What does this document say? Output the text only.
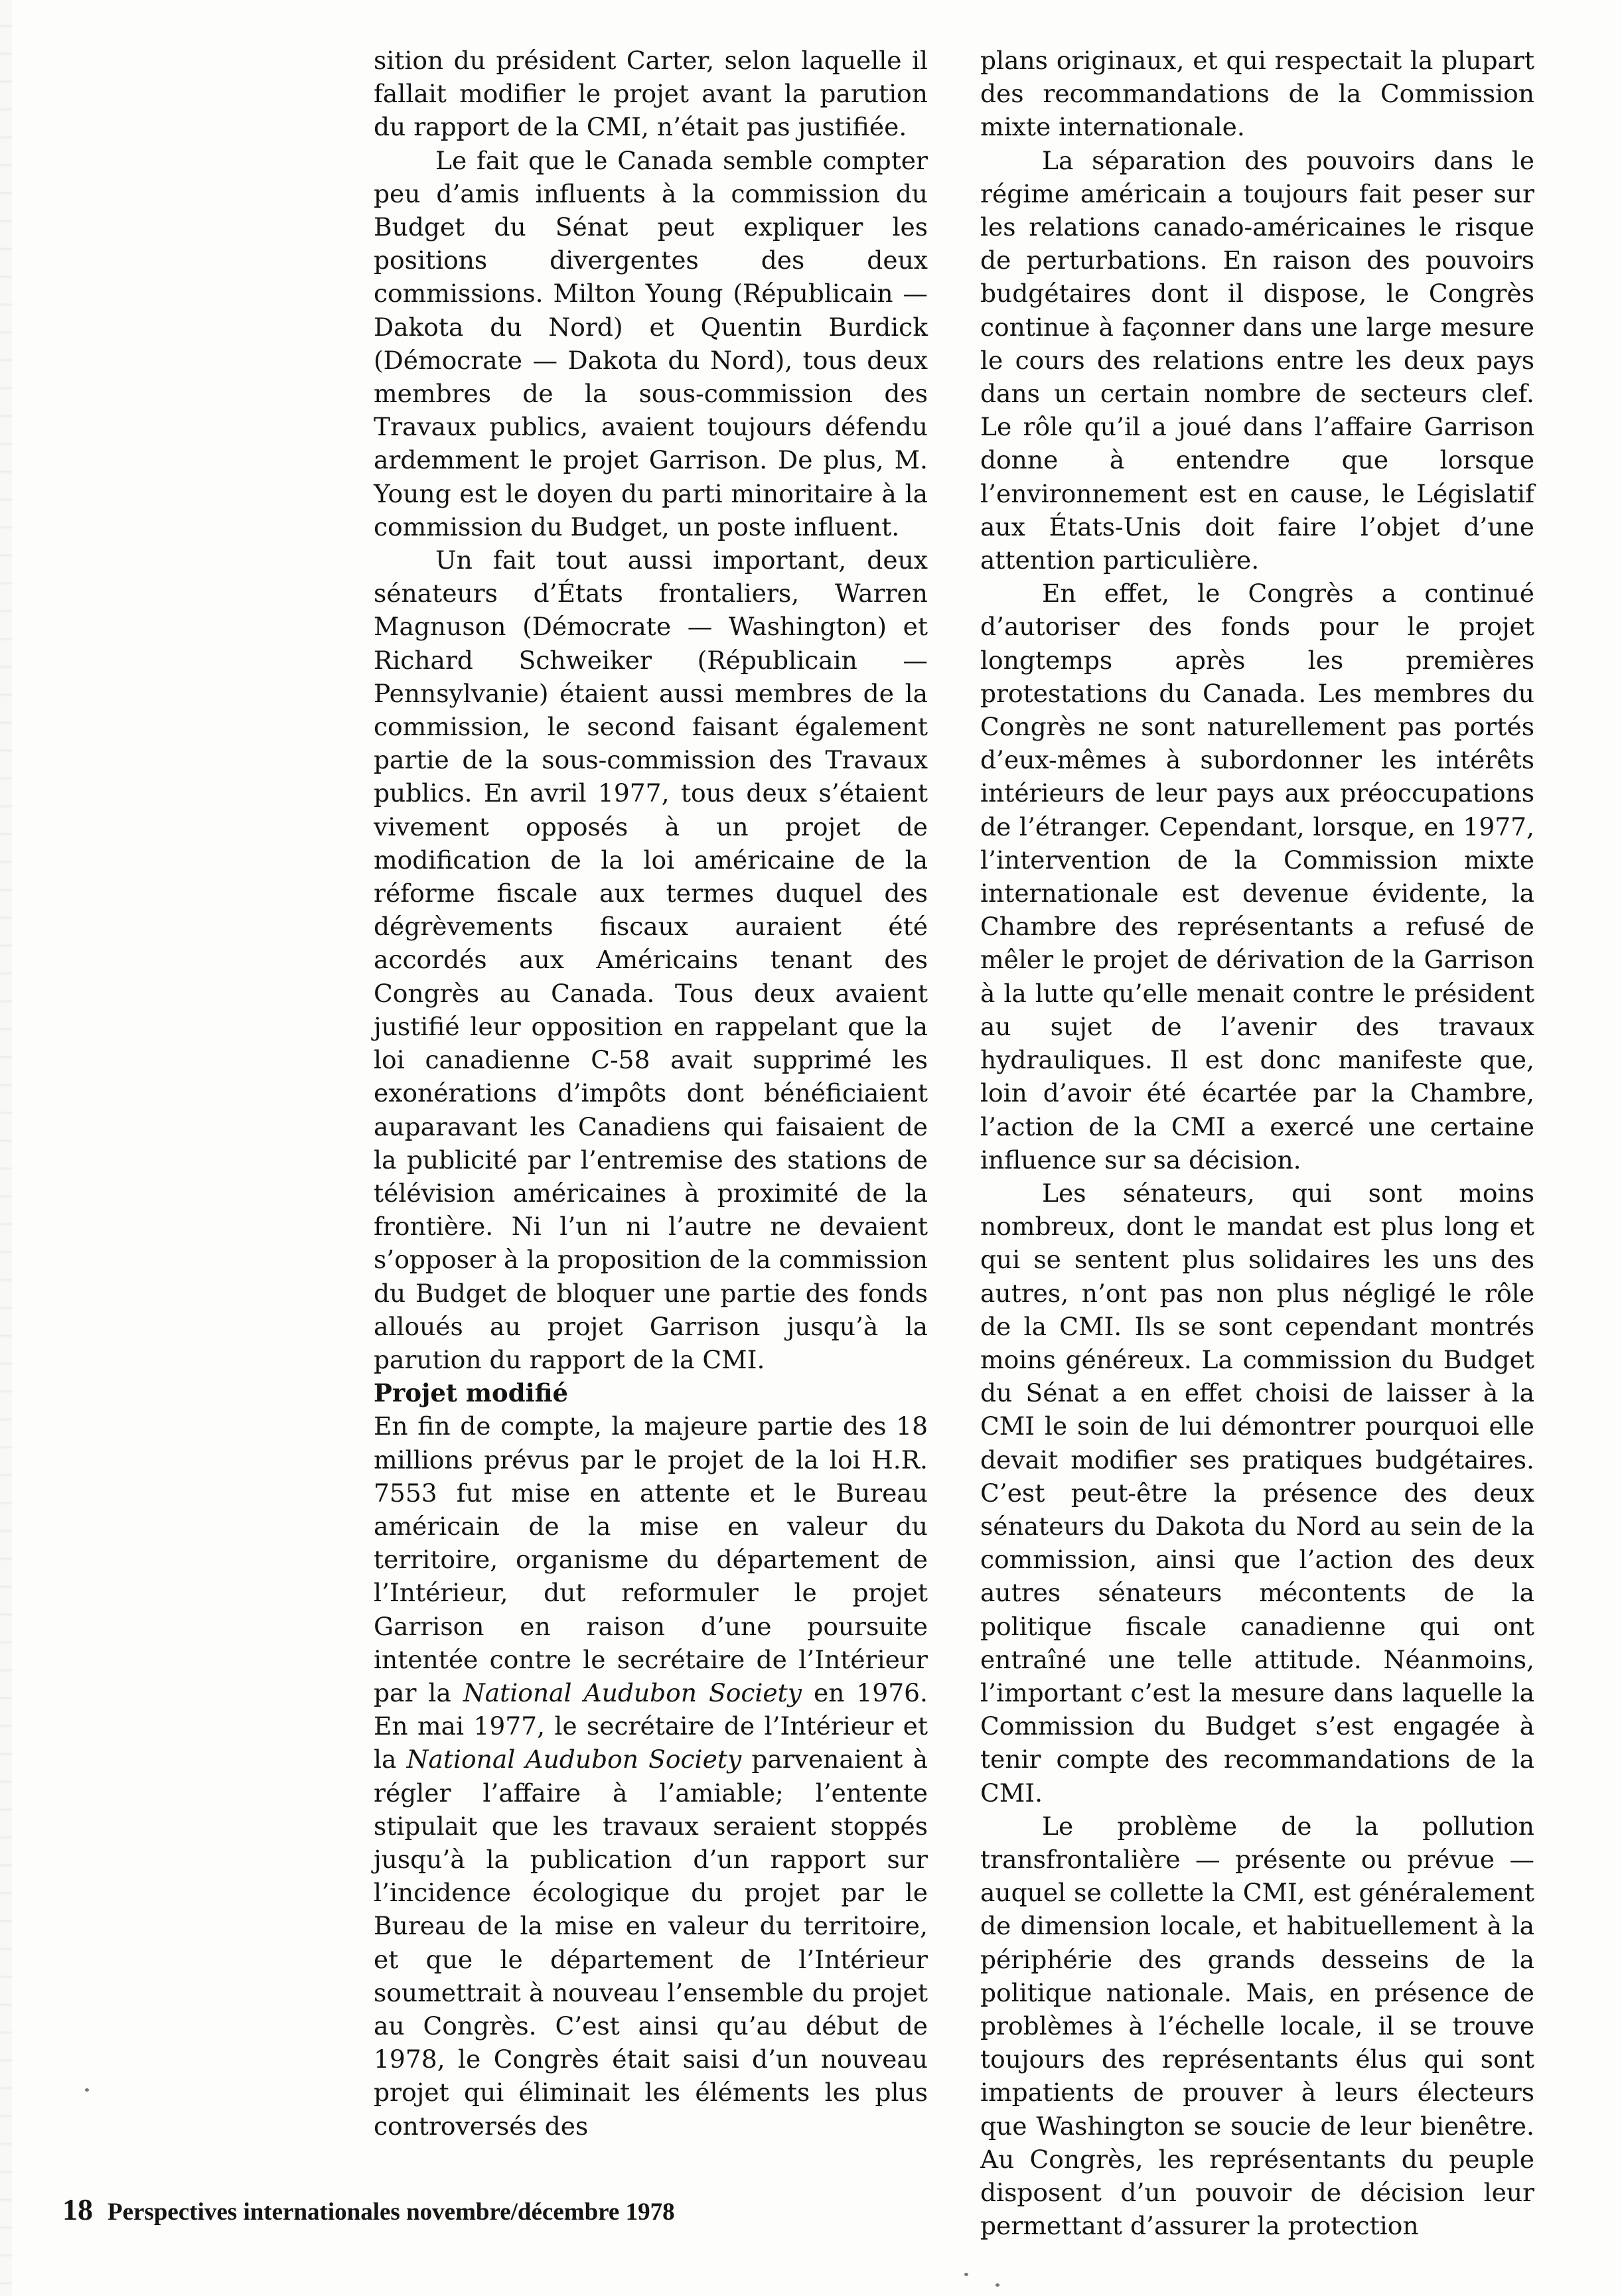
sition du président Carter, selon laquelle il fallait modifier le projet avant la parution du rapport de la CMI, n’était pas justifiée.

Le fait que le Canada semble compter peu d’amis influents à la commission du Budget du Sénat peut expliquer les positions divergentes des deux commissions. Milton Young (Républicain — Dakota du Nord) et Quentin Burdick (Démocrate — Dakota du Nord), tous deux membres de la sous-commission des Travaux publics, avaient toujours défendu ardemment le projet Garrison. De plus, M. Young est le doyen du parti minoritaire à la commission du Budget, un poste influent.

Un fait tout aussi important, deux sénateurs d’États frontaliers, Warren Magnuson (Démocrate — Washington) et Richard Schweiker (Républicain — Pennsylvanie) étaient aussi membres de la commission, le second faisant également partie de la sous-commission des Travaux publics. En avril 1977, tous deux s’étaient vivement opposés à un projet de modification de la loi américaine de la réforme fiscale aux termes duquel des dégrèvements fiscaux auraient été accordés aux Américains tenant des Congrès au Canada. Tous deux avaient justifié leur opposition en rappelant que la loi canadienne C-58 avait supprimé les exonérations d’impôts dont bénéficiaient auparavant les Canadiens qui faisaient de la publicité par l’entremise des stations de télévision américaines à proximité de la frontière. Ni l’un ni l’autre ne devaient s’opposer à la proposition de la commission du Budget de bloquer une partie des fonds alloués au projet Garrison jusqu’à la parution du rapport de la CMI.

Projet modifié

En fin de compte, la majeure partie des 18 millions prévus par le projet de la loi H.R. 7553 fut mise en attente et le Bureau américain de la mise en valeur du territoire, organisme du département de l’Intérieur, dut reformuler le projet Garrison en raison d’une poursuite intentée contre le secrétaire de l’Intérieur par la National Audubon Society en 1976. En mai 1977, le secrétaire de l’Intérieur et la National Audubon Society parvenaient à régler l’affaire à l’amiable; l’entente stipulait que les travaux seraient stoppés jusqu’à la publication d’un rapport sur l’incidence écologique du projet par le Bureau de la mise en valeur du territoire, et que le département de l’Intérieur soumettrait à nouveau l’ensemble du projet au Congrès. C’est ainsi qu’au début de 1978, le Congrès était saisi d’un nouveau projet qui éliminait les éléments les plus controversés des

plans originaux, et qui respectait la plupart des recommandations de la Commission mixte internationale.

La séparation des pouvoirs dans le régime américain a toujours fait peser sur les relations canado-américaines le risque de perturbations. En raison des pouvoirs budgétaires dont il dispose, le Congrès continue à façonner dans une large mesure le cours des relations entre les deux pays dans un certain nombre de secteurs clef. Le rôle qu’il a joué dans l’affaire Garrison donne à entendre que lorsque l’environnement est en cause, le Législatif aux États-Unis doit faire l’objet d’une attention particulière.

En effet, le Congrès a continué d’autoriser des fonds pour le projet longtemps après les premières protestations du Canada. Les membres du Congrès ne sont naturellement pas portés d’eux-mêmes à subordonner les intérêts intérieurs de leur pays aux préoccupations de l’étranger. Cependant, lorsque, en 1977, l’intervention de la Commission mixte internationale est devenue évidente, la Chambre des représentants a refusé de mêler le projet de dérivation de la Garrison à la lutte qu’elle menait contre le président au sujet de l’avenir des travaux hydrauliques. Il est donc manifeste que, loin d’avoir été écartée par la Chambre, l’action de la CMI a exercé une certaine influence sur sa décision.

Les sénateurs, qui sont moins nombreux, dont le mandat est plus long et qui se sentent plus solidaires les uns des autres, n’ont pas non plus négligé le rôle de la CMI. Ils se sont cependant montrés moins généreux. La commission du Budget du Sénat a en effet choisi de laisser à la CMI le soin de lui démontrer pourquoi elle devait modifier ses pratiques budgétaires. C’est peut-être la présence des deux sénateurs du Dakota du Nord au sein de la commission, ainsi que l’action des deux autres sénateurs mécontents de la politique fiscale canadienne qui ont entraîné une telle attitude. Néanmoins, l’important c’est la mesure dans laquelle la Commission du Budget s’est engagée à tenir compte des recommandations de la CMI.

Le problème de la pollution transfrontalière — présente ou prévue — auquel se collette la CMI, est généralement de dimension locale, et habituellement à la périphérie des grands desseins de la politique nationale. Mais, en présence de problèmes à l’échelle locale, il se trouve toujours des représentants élus qui sont impatients de prouver à leurs électeurs que Washington se soucie de leur bienêtre. Au Congrès, les représentants du peuple disposent d’un pouvoir de décision leur permettant d’assurer la protection

18 Perspectives internationales novembre/décembre 1978
